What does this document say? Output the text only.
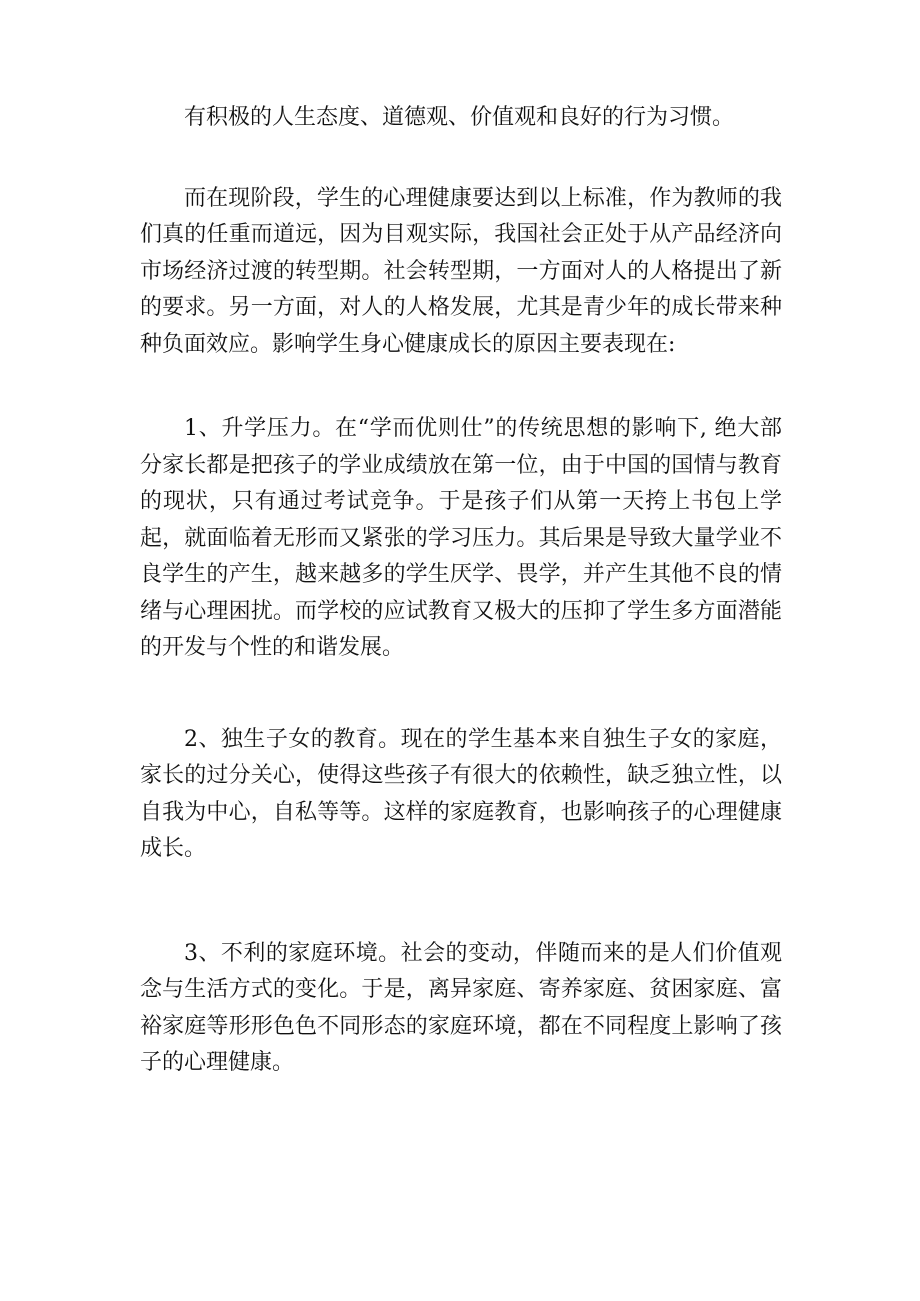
有积极的人生态度、道德观、价值观和良好的行为习惯。

而在现阶段，学生的心理健康要达到以上标准，作为教师的我们真的任重而道远，因为目观实际，我国社会正处于从产品经济向市场经济过渡的转型期。社会转型期，一方面对人的人格提出了新的要求。另一方面，对人的人格发展，尤其是青少年的成长带来种种负面效应。影响学生身心健康成长的原因主要表现在:

1、升学压力。在“学而优则仕”的传统思想的影响下, 绝大部分家长都是把孩子的学业成绩放在第一位，由于中国的国情与教育的现状，只有通过考试竞争。于是孩子们从第一天挎上书包上学起，就面临着无形而又紧张的学习压力。其后果是导致大量学业不良学生的产生，越来越多的学生厌学、畏学，并产生其他不良的情绪与心理困扰。而学校的应试教育又极大的压抑了学生多方面潜能的开发与个性的和谐发展。

2、独生子女的教育。现在的学生基本来自独生子女的家庭，家长的过分关心，使得这些孩子有很大的依赖性，缺乏独立性，以自我为中心，自私等等。这样的家庭教育，也影响孩子的心理健康成长。

3、不利的家庭环境。社会的变动，伴随而来的是人们价值观念与生活方式的变化。于是，离异家庭、寄养家庭、贫困家庭、富裕家庭等形形色色不同形态的家庭环境，都在不同程度上影响了孩子的心理健康。
